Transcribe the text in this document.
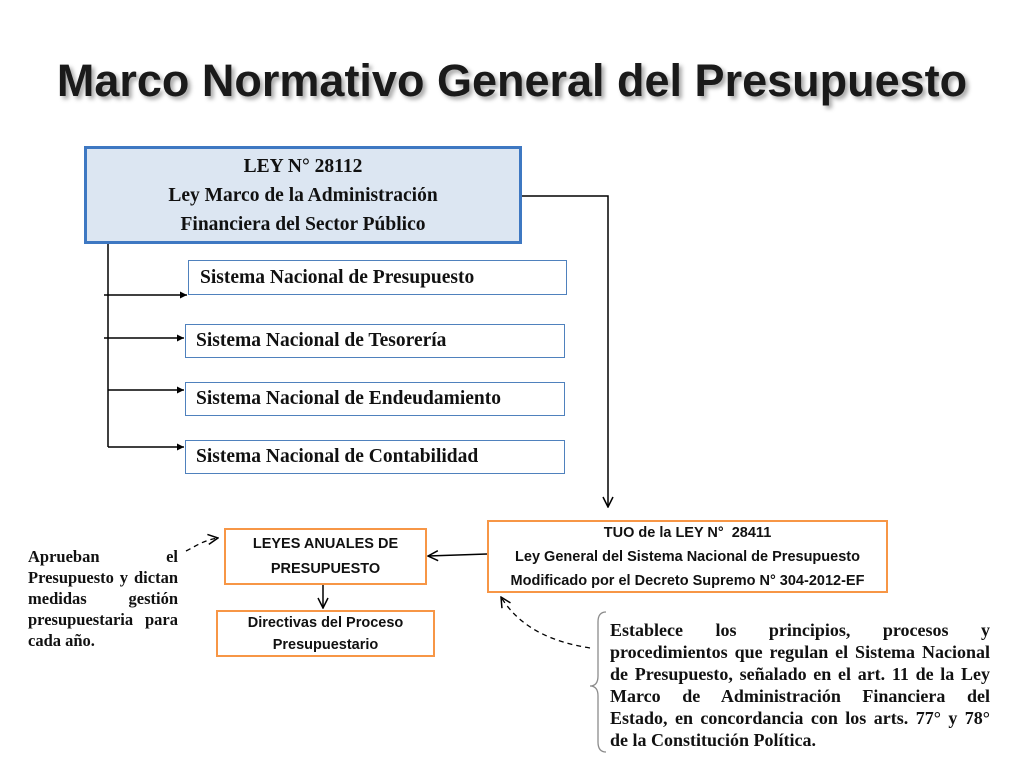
Marco Normativo General del Presupuesto
LEY N° 28112
Ley Marco de la Administración
Financiera del Sector Público
Sistema Nacional de Presupuesto
Sistema Nacional de Tesorería
Sistema Nacional de Endeudamiento
Sistema Nacional de Contabilidad
TUO de la LEY N°  28411
Ley General del Sistema Nacional de Presupuesto
Modificado por el Decreto Supremo N° 304-2012-EF
LEYES ANUALES DE
PRESUPUESTO
Directivas del Proceso
Presupuestario
Aprueban el
Presupuesto y dictan
medidas gestión
presupuestaria para
cada año.
Establece los principios, procesos y
procedimientos que regulan el Sistema Nacional
de Presupuesto, señalado en el art. 11 de la Ley
Marco de Administración Financiera del
Estado, en concordancia con los arts. 77° y 78°
de la Constitución Política.
